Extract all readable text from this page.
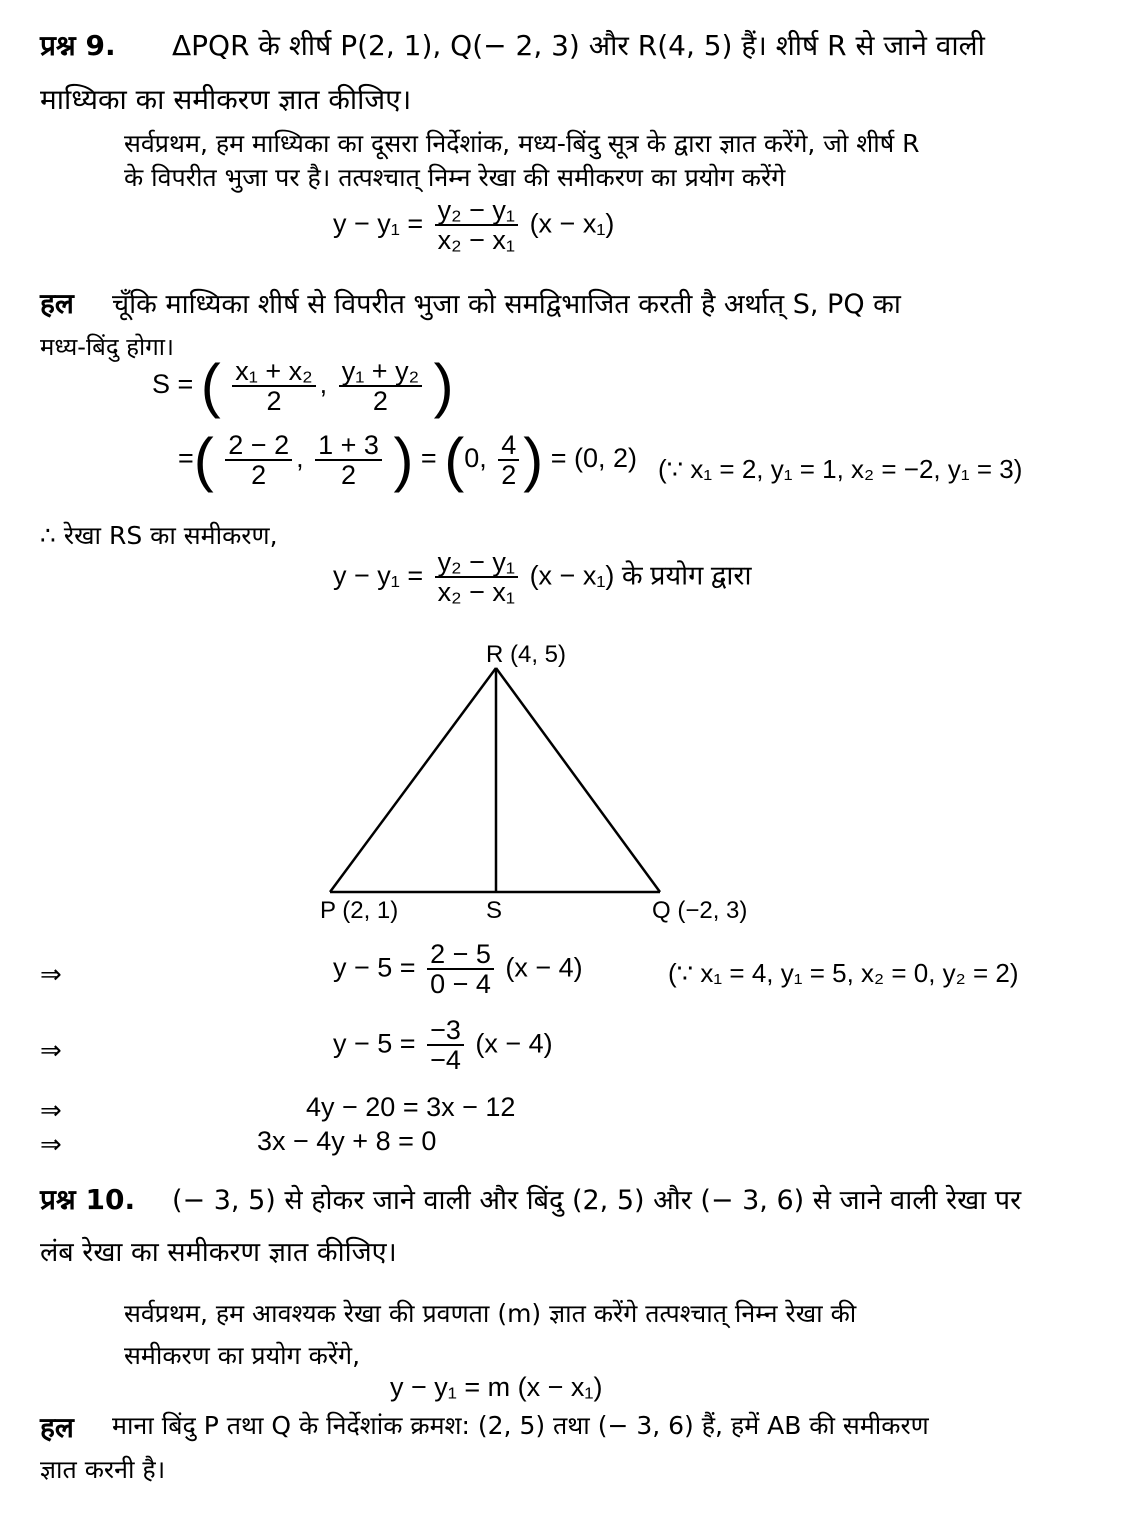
प्रश्न 9. ΔPQR के शीर्ष P(2, 1), Q(− 2, 3) और R(4, 5) हैं। शीर्ष R से जाने वाली
माध्यिका का समीकरण ज्ञात कीजिए।
सर्वप्रथम, हम माध्यिका का दूसरा निर्देशांक, मध्य-बिंदु सूत्र के द्वारा ज्ञात करेंगे, जो शीर्ष R
के विपरीत भुजा पर है। तत्पश्चात् निम्न रेखा की समीकरण का प्रयोग करेंगे
$y - y_1 = \frac{\text{y₂ − y₁}}{\text{x₂ − x₁}} (x - x_1)$
हल चूँकि माध्यिका शीर्ष से विपरीत भुजा को समद्विभाजित करती है अर्थात् S, PQ का
मध्य-बिंदु होगा।
S = ( $\frac{\text{x₁ + x₂}}{2}$ , $\frac{\text{y₁ + y₂}}{2}$ )
=( $\frac{2 - 2}{2}$ , $\frac{1 + 3}{2}$ ) = (0, $\frac{4}{2}$ ) = (0, 2) (∵ x₁ = 2, y₁ = 1, x₂ = −2, y₁ = 3)
∴ रेखा RS का समीकरण,
$y - y_1 = \frac{\text{y₂ − y₁}}{\text{x₂ − x₁}} (x - x_1)$ के प्रयोग द्वारा
R (4, 5)
P (2, 1)	S	Q (−2, 3)
⇒	$y - 5 = \frac{2 - 5}{0 - 4} (x - 4)$	(∵ x₁ = 4, y₁ = 5, x₂ = 0, y₂ = 2)
⇒	$y - 5 = \frac{-3}{-4} (x - 4)$
⇒	4y − 20 = 3x − 12
⇒	3x − 4y + 8 = 0
प्रश्न 10. (− 3, 5) से होकर जाने वाली और बिंदु (2, 5) और (− 3, 6) से जाने वाली रेखा पर
लंब रेखा का समीकरण ज्ञात कीजिए।
सर्वप्रथम, हम आवश्यक रेखा की प्रवणता (m) ज्ञात करेंगे तत्पश्चात् निम्न रेखा की
समीकरण का प्रयोग करेंगे,
y − y₁ = m (x − x₁)
हल माना बिंदु P तथा Q के निर्देशांक क्रमश: (2, 5) तथा (− 3, 6) हैं, हमें AB की समीकरण
ज्ञात करनी है।
